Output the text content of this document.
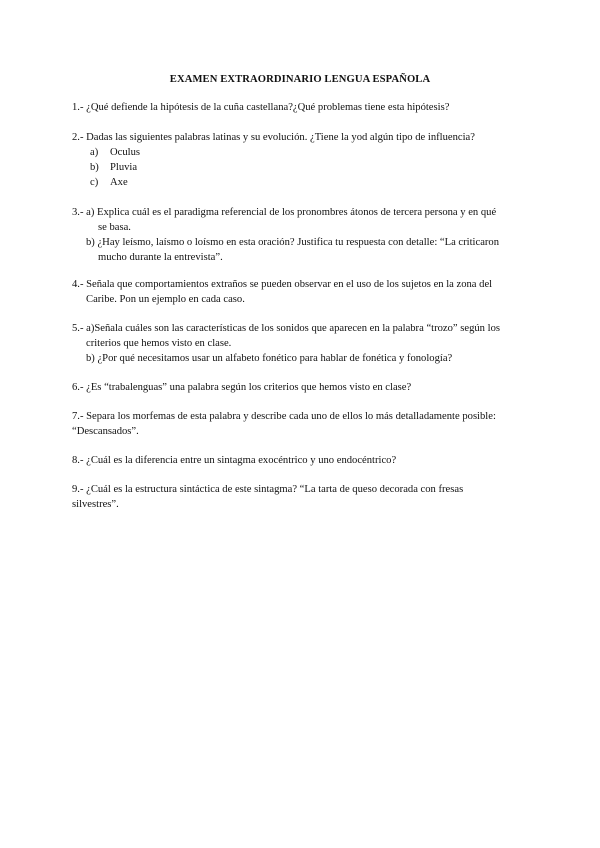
EXAMEN EXTRAORDINARIO LENGUA ESPAÑOLA

1.- ¿Qué defiende la hipótesis de la cuña castellana?¿Qué problemas tiene esta hipótesis?

2.- Dadas las siguientes palabras latinas y su evolución. ¿Tiene la yod algún tipo de influencia?

a) Oculus
b) Pluvia
c) Axe

3.- a) Explica cuál es el paradigma referencial de los pronombres átonos de tercera persona y en qué

se basa.

b) ¿Hay leísmo, laísmo o loísmo en esta oración? Justifica tu respuesta con detalle: “La criticaron

mucho durante la entrevista”.

4.- Señala que comportamientos extraños se pueden observar en el uso de los sujetos en la zona del

Caribe. Pon un ejemplo en cada caso.

5.- a)Señala cuáles son las características de los sonidos que aparecen en la palabra “trozo” según los

criterios que hemos visto en clase.

b) ¿Por qué necesitamos usar un alfabeto fonético para hablar de fonética y fonología?

6.- ¿Es “trabalenguas” una palabra según los criterios que hemos visto en clase?

7.- Separa los morfemas de esta palabra y describe cada uno de ellos lo más detalladamente posible:

“Descansados”.

8.- ¿Cuál es la diferencia entre un sintagma exocéntrico y uno endocéntrico?

9.- ¿Cuál es la estructura sintáctica de este sintagma? “La tarta de queso decorada con fresas

silvestres”.
